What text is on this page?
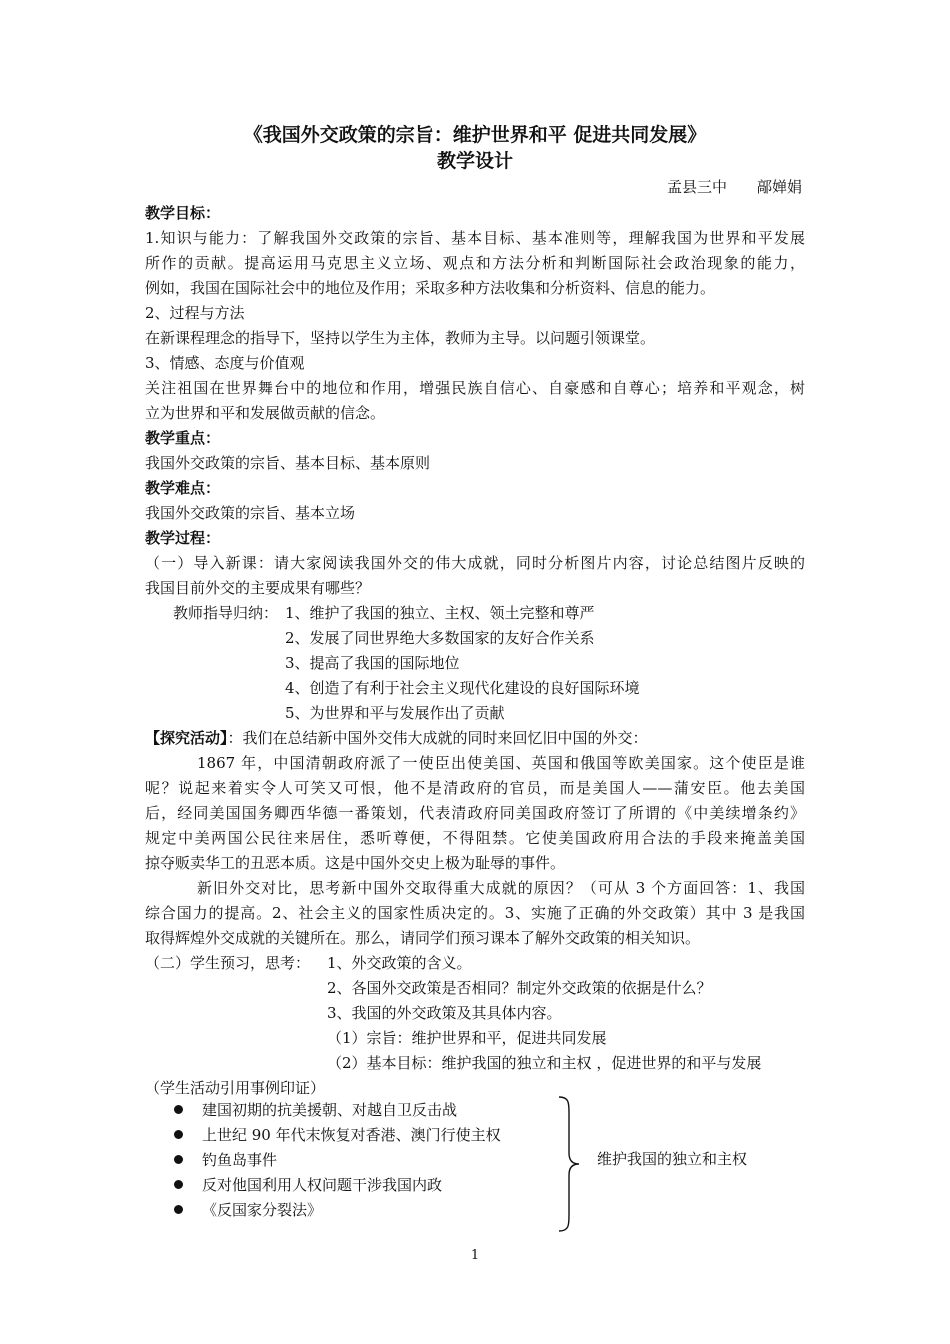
《我国外交政策的宗旨：维护世界和平 促进共同发展》
教学设计
孟县三中　　鄗婵娟
教学目标：
1.知识与能力：了解我国外交政策的宗旨、基本目标、基本准则等，理解我国为世界和平发展
所作的贡献。提高运用马克思主义立场、观点和方法分析和判断国际社会政治现象的能力，
例如，我国在国际社会中的地位及作用；采取多种方法收集和分析资料、信息的能力。
2、过程与方法
在新课程理念的指导下，坚持以学生为主体，教师为主导。以问题引领课堂。
3、情感、态度与价值观
关注祖国在世界舞台中的地位和作用，增强民族自信心、自豪感和自尊心；培养和平观念，树
立为世界和平和发展做贡献的信念。
教学重点：
我国外交政策的宗旨、基本目标、基本原则
教学难点：
我国外交政策的宗旨、基本立场
教学过程：
（一）导入新课：请大家阅读我国外交的伟大成就，同时分析图片内容，讨论总结图片反映的
我国目前外交的主要成果有哪些？
教师指导归纳： 1、维护了我国的独立、主权、领土完整和尊严
2、发展了同世界绝大多数国家的友好合作关系
3、提高了我国的国际地位
4、创造了有利于社会主义现代化建设的良好国际环境
5、为世界和平与发展作出了贡献
【探究活动】：我们在总结新中国外交伟大成就的同时来回忆旧中国的外交：
1867 年，中国清朝政府派了一使臣出使美国、英国和俄国等欧美国家。这个使臣是谁
呢？说起来着实令人可笑又可恨，他不是清政府的官员，而是美国人——蒲安臣。他去美国
后，经同美国国务卿西华德一番策划，代表清政府同美国政府签订了所谓的《中美续增条约》
规定中美两国公民往来居住，悉听尊便，不得阻禁。它使美国政府用合法的手段来掩盖美国
掠夺贩卖华工的丑恶本质。这是中国外交史上极为耻辱的事件。
新旧外交对比，思考新中国外交取得重大成就的原因？（可从 3 个方面回答：1、我国
综合国力的提高。2、社会主义的国家性质决定的。3、实施了正确的外交政策）其中 3 是我国
取得辉煌外交成就的关键所在。那么，请同学们预习课本了解外交政策的相关知识。
（二）学生预习，思考： 1、外交政策的含义。
2、各国外交政策是否相同？制定外交政策的依据是什么？
3、我国的外交政策及其具体内容。
（1）宗旨：维护世界和平，促进共同发展
（2）基本目标：维护我国的独立和主权 ，促进世界的和平与发展
（学生活动引用事例印证）
建国初期的抗美援朝、对越自卫反击战
上世纪 90 年代末恢复对香港、澳门行使主权
钓鱼岛事件
反对他国利用人权问题干涉我国内政
《反国家分裂法》
维护我国的独立和主权
1
